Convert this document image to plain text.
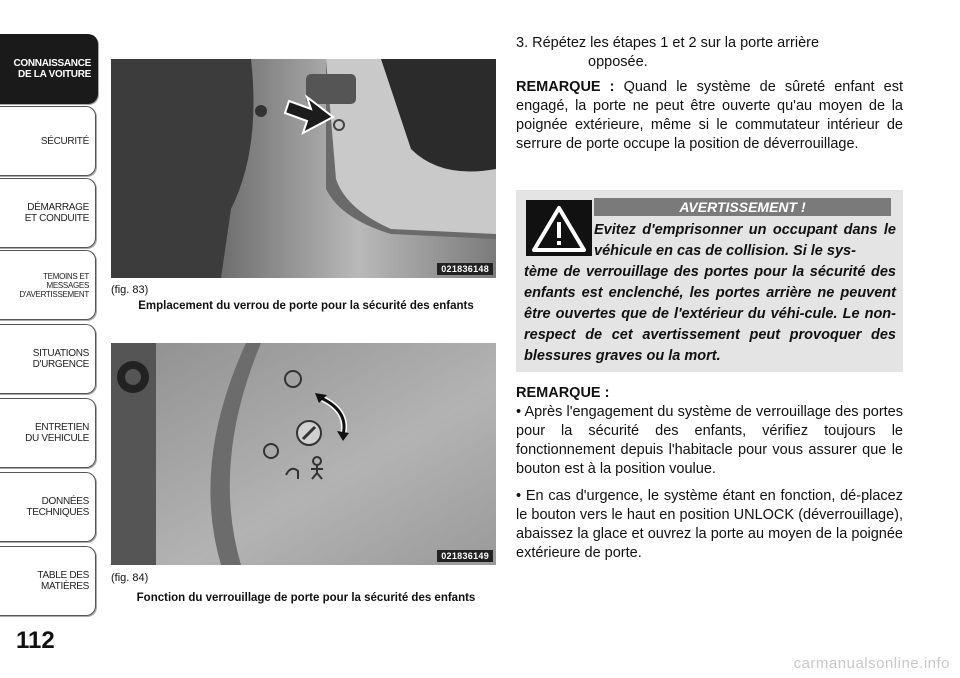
CONNAISSANCE
DE LA VOITURE
SÉCURITÉ
DÉMARRAGE
ET CONDUITE
TEMOINS ET
MESSAGES
D'AVERTISSEMENT
SITUATIONS
D'URGENCE
ENTRETIEN
DU VEHICULE
DONNÉES
TECHNIQUES
TABLE DES
MATIÈRES
112
021836148
(fig. 83)
Emplacement du verrou de porte pour la sécurité des enfants
021836149
(fig. 84)
Fonction du verrouillage de porte pour la sécurité des enfants
3. Répétez les étapes 1 et 2 sur la porte arrière
opposée.

REMARQUE : Quand le système de sûreté enfant est engagé, la porte ne peut être ouverte qu'au moyen de la poignée extérieure, même si le commutateur intérieur de serrure de porte occupe la position de déverrouillage.

AVERTISSEMENT !
Evitez d'emprisonner un occupant dans le véhicule en cas de collision. Si le sys-
tème de verrouillage des portes pour la sécurité des enfants est enclenché, les portes arrière ne peuvent être ouvertes que de l'extérieur du véhi-cule. Le non-respect de cet avertissement peut provoquer des blessures graves ou la mort.

REMARQUE :

• Après l'engagement du système de verrouillage des portes pour la sécurité des enfants, vérifiez toujours le fonctionnement depuis l'habitacle pour vous assurer que le bouton est à la position voulue.

• En cas d'urgence, le système étant en fonction, dé-placez le bouton vers le haut en position UNLOCK (déverrouillage), abaissez la glace et ouvrez la porte au moyen de la poignée extérieure de porte.

carmanualsonline.info
